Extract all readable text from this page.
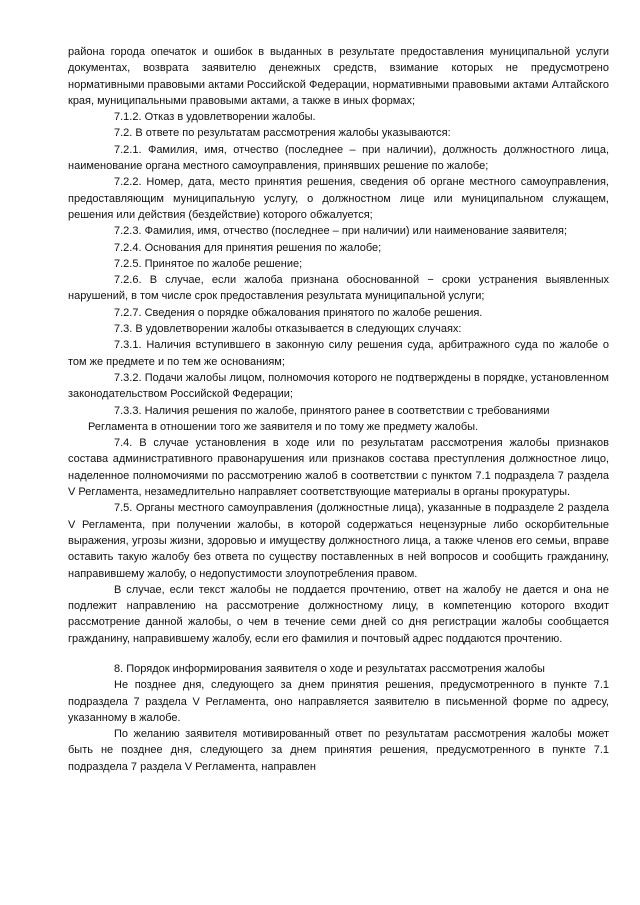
района города опечаток и ошибок в выданных в результате предоставления муниципальной услуги документах, возврата заявителю денежных средств, взимание которых не предусмотрено нормативными правовыми актами Российской Федерации, нормативными правовыми актами Алтайского края, муниципальными правовыми актами, а также в иных формах;

7.1.2. Отказ в удовлетворении жалобы.

7.2. В ответе по результатам рассмотрения жалобы указываются:

7.2.1. Фамилия, имя, отчество (последнее – при наличии), должность должностного лица, наименование органа местного самоуправления, принявших решение по жалобе;

7.2.2. Номер, дата, место принятия решения, сведения об органе местного самоуправления, предоставляющим муниципальную услугу, о должностном лице или муниципальном служащем, решения или действия (бездействие) которого обжалуется;

7.2.3. Фамилия, имя, отчество (последнее – при наличии) или наименование заявителя;

7.2.4. Основания для принятия решения по жалобе;

7.2.5. Принятое по жалобе решение;

7.2.6. В случае, если жалоба признана обоснованной − сроки устранения выявленных нарушений, в том числе срок предоставления результата муниципальной услуги;

7.2.7. Сведения о порядке обжалования принятого по жалобе решения.

7.3. В удовлетворении жалобы отказывается в следующих случаях:

7.3.1. Наличия вступившего в законную силу решения суда, арбитражного суда по жалобе о том же предмете и по тем же основаниям;

7.3.2. Подачи жалобы лицом, полномочия которого не подтверждены в порядке, установленном законодательством Российской Федерации;

7.3.3. Наличия решения по жалобе, принятого ранее в соответствии с требованиями Регламента в отношении того же заявителя и по тому же предмету жалобы.

7.4. В случае установления в ходе или по результатам рассмотрения жалобы признаков состава административного правонарушения или признаков состава преступления должностное лицо, наделенное полномочиями по рассмотрению жалоб в соответствии с пунктом 7.1 подраздела 7 раздела V Регламента, незамедлительно направляет соответствующие материалы в органы прокуратуры.

7.5. Органы местного самоуправления (должностные лица), указанные в подразделе 2 раздела V Регламента, при получении жалобы, в которой содержаться нецензурные либо оскорбительные выражения, угрозы жизни, здоровью и имуществу должностного лица, а также членов его семьи, вправе оставить такую жалобу без ответа по существу поставленных в ней вопросов и сообщить гражданину, направившему жалобу, о недопустимости злоупотребления правом.

В случае, если текст жалобы не поддается прочтению, ответ на жалобу не дается и она не подлежит направлению на рассмотрение должностному лицу, в компетенцию которого входит рассмотрение данной жалобы, о чем в течение семи дней со дня регистрации жалобы сообщается гражданину, направившему жалобу, если его фамилия и почтовый адрес поддаются прочтению.

8. Порядок информирования заявителя о ходе и результатах рассмотрения жалобы

Не позднее дня, следующего за днем принятия решения, предусмотренного в пункте 7.1 подраздела 7 раздела V Регламента, оно направляется заявителю в письменной форме по адресу, указанному в жалобе.

По желанию заявителя мотивированный ответ по результатам рассмотрения жалобы может быть не позднее дня, следующего за днем принятия решения, предусмотренного в пункте 7.1 подраздела 7 раздела V Регламента, направлен
